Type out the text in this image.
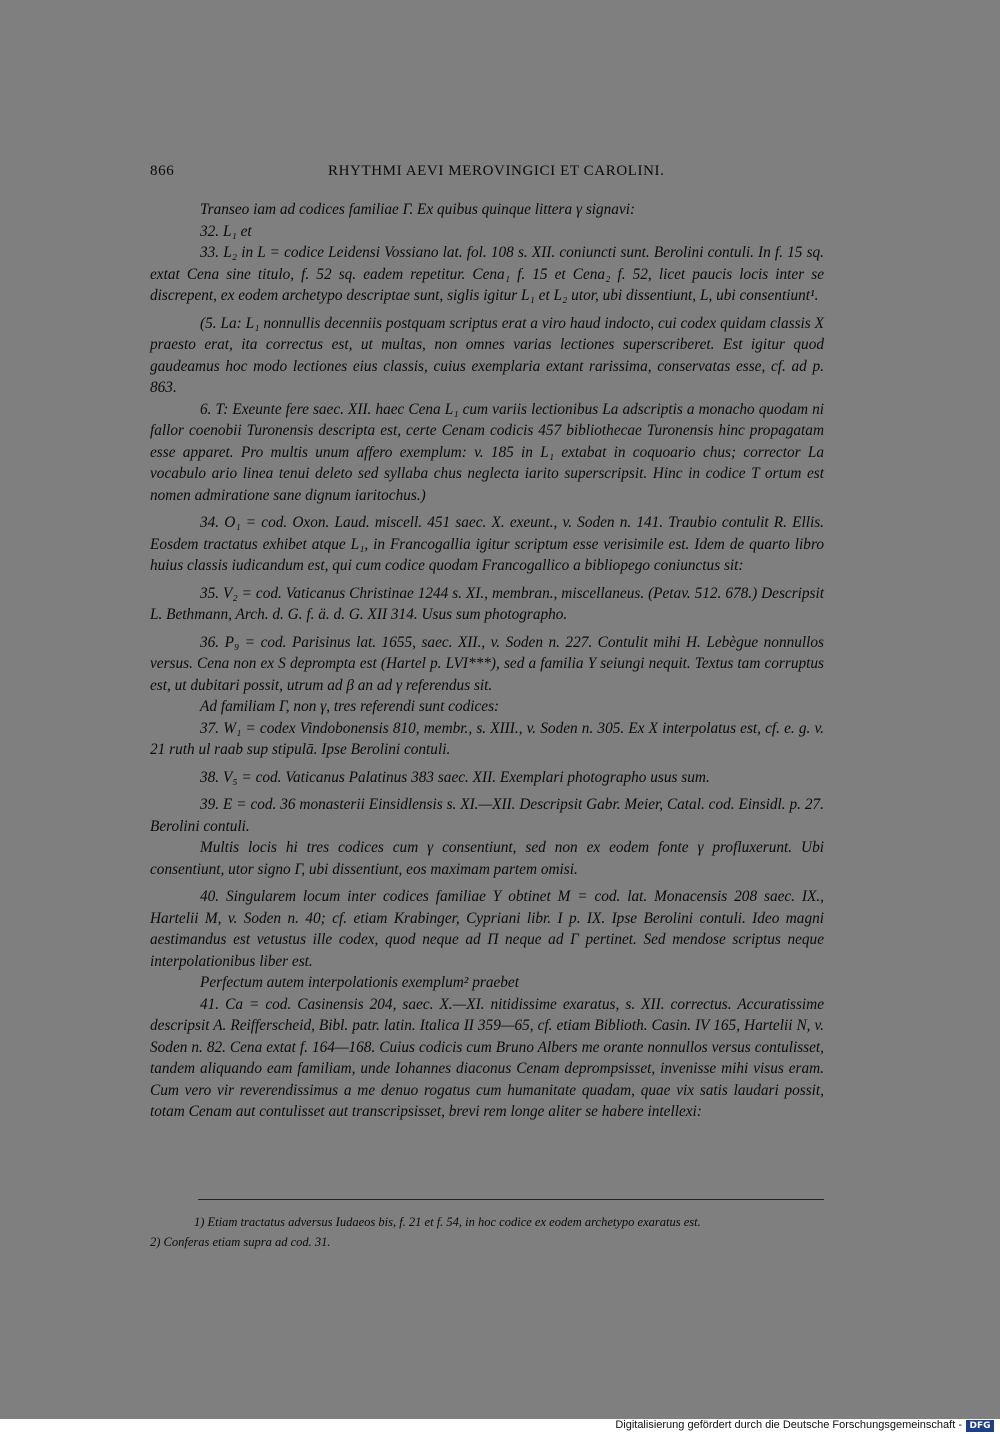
866	RHYTHMI AEVI MEROVINGICI ET CAROLINI.

Transeo iam ad codices familiae Γ. Ex quibus quinque littera γ signavi:

32. L₁ et

33. L₂ in L = codice Leidensi Vossiano lat. fol. 108 s. XII. coniuncti sunt. Berolini contuli. In f. 15 sq. extat Cena sine titulo, f. 52 sq. eadem repetitur. Cena₁ f. 15 et Cena₂ f. 52, licet paucis locis inter se discrepent, ex eodem archetypo descriptae sunt, siglis igitur L₁ et L₂ utor, ubi dissentiunt, L, ubi consentiunt¹.

(5. La: L₁ nonnullis decenniis postquam scriptus erat a viro haud indocto, cui codex quidam classis X praesto erat, ita correctus est, ut multas, non omnes varias lectiones superscriberet. Est igitur quod gaudeamus hoc modo lectiones eius classis, cuius exemplaria extant rarissima, conservatas esse, cf. ad p. 863.

6. T: Exeunte fere saec. XII. haec Cena L₁ cum variis lectionibus La adscriptis a monacho quodam ni fallor coenobii Turonensis descripta est, certe Cenam codicis 457 bibliothecae Turonensis hinc propagatam esse apparet. Pro multis unum affero exemplum: v. 185 in L₁ extabat in coquoario chus; corrector La vocabulo ario linea tenui deleto sed syllaba chus neglecta iarito superscripsit. Hinc in codice T ortum est nomen admiratione sane dignum iaritochus.)

34. O₁ = cod. Oxon. Laud. miscell. 451 saec. X. exeunt., v. Soden n. 141. Traubio contulit R. Ellis. Eosdem tractatus exhibet atque L₁, in Francogallia igitur scriptum esse verisimile est. Idem de quarto libro huius classis iudicandum est, qui cum codice quodam Francogallico a bibliopego coniunctus sit:

35. V₂ = cod. Vaticanus Christinae 1244 s. XI., membran., miscellaneus. (Petav. 512. 678.) Descripsit L. Bethmann, Arch. d. G. f. ä. d. G. XII 314. Usus sum photographo.

36. P₉ = cod. Parisinus lat. 1655, saec. XII., v. Soden n. 227. Contulit mihi H. Lebègue nonnullos versus. Cena non ex S deprompta est (Hartel p. LVI***), sed a familia Y seiungi nequit. Textus tam corruptus est, ut dubitari possit, utrum ad β an ad γ referendus sit.

Ad familiam Γ, non γ, tres referendi sunt codices:

37. W₁ = codex Vindobonensis 810, membr., s. XIII., v. Soden n. 305. Ex X interpolatus est, cf. e. g. v. 21 ruth ul raab sup stipulā. Ipse Berolini contuli.

38. V₅ = cod. Vaticanus Palatinus 383 saec. XII. Exemplari photographo usus sum.

39. E = cod. 36 monasterii Einsidlensis s. XI.—XII. Descripsit Gabr. Meier, Catal. cod. Einsidl. p. 27. Berolini contuli.

Multis locis hi tres codices cum γ consentiunt, sed non ex eodem fonte γ profluxerunt. Ubi consentiunt, utor signo Γ, ubi dissentiunt, eos maximam partem omisi.

40. Singularem locum inter codices familiae Y obtinet M = cod. lat. Monacensis 208 saec. IX., Hartelii M, v. Soden n. 40; cf. etiam Krabinger, Cypriani libr. I p. IX. Ipse Berolini contuli. Ideo magni aestimandus est vetustus ille codex, quod neque ad Π neque ad Γ pertinet. Sed mendose scriptus neque interpolationibus liber est.

Perfectum autem interpolationis exemplum² praebet

41. Ca = cod. Casinensis 204, saec. X.—XI. nitidissime exaratus, s. XII. correctus. Accuratissime descripsit A. Reifferscheid, Bibl. patr. latin. Italica II 359—65, cf. etiam Biblioth. Casin. IV 165, Hartelii N, v. Soden n. 82. Cena extat f. 164—168. Cuius codicis cum Bruno Albers me orante nonnullos versus contulisset, tandem aliquando eam familiam, unde Iohannes diaconus Cenam deprompsisset, invenisse mihi visus eram. Cum vero vir reverendissimus a me denuo rogatus cum humanitate quadam, quae vix satis laudari possit, totam Cenam aut contulisset aut transcripsisset, brevi rem longe aliter se habere intellexi:

1) Etiam tractatus adversus Iudaeos bis, f. 21 et f. 54, in hoc codice ex eodem archetypo exaratus est.

2) Conferas etiam supra ad cod. 31.

Digitalisierung gefördert durch die Deutsche Forschungsgemeinschaft - DFG
